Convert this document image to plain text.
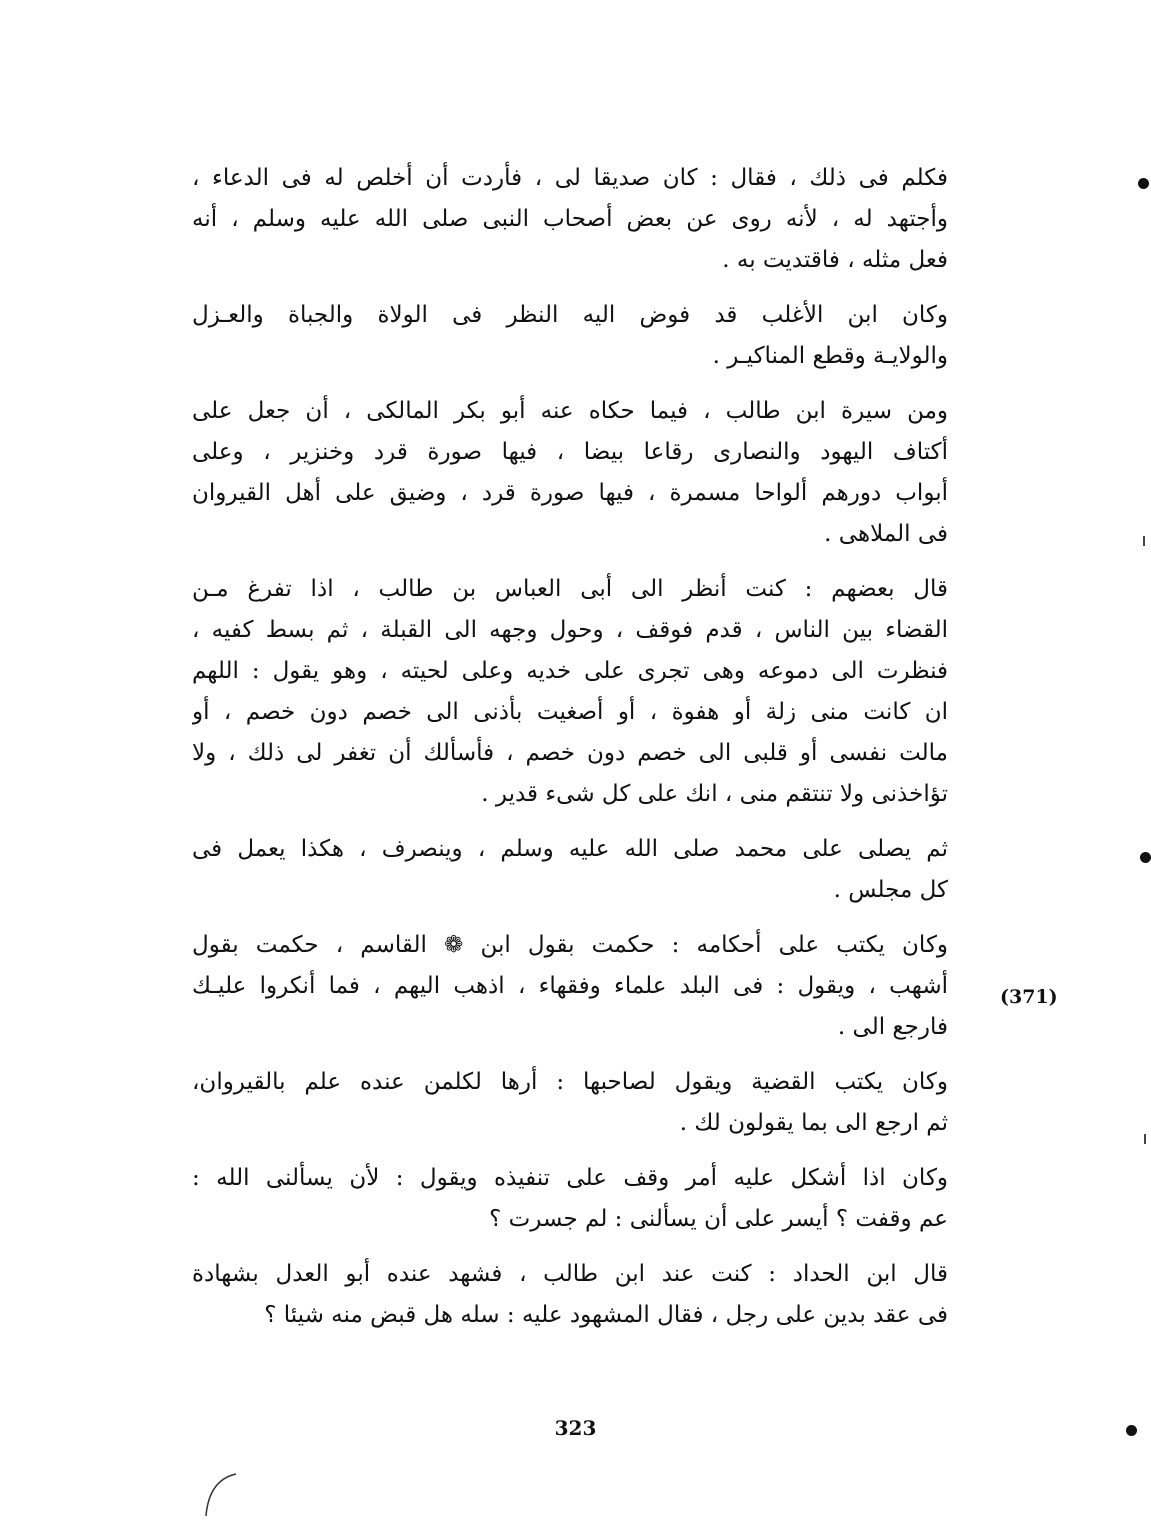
فكلم فى ذلك ، فقال : كان صديقا لى ، فأردت أن أخلص له فى الدعاء ،
وأجتهد له ، لأنه روى عن بعض أصحاب النبى صلى الله عليه وسلم ، أنه
فعل مثله ، فاقتديت به .
وكان ابن الأغلب قد فوض اليه النظر فى الولاة والجباة والعـزل
والولايـة وقطع المناكيـر .
ومن سيرة ابن طالب ، فيما حكاه عنه أبو بكر المالكى ، أن جعل على
أكتاف اليهود والنصارى رقاعا بيضا ، فيها صورة قرد وخنزير ، وعلى
أبواب دورهم ألواحا مسمرة ، فيها صورة قرد ، وضيق على أهل القيروان
فى الملاهى .
قال بعضهم : كنت أنظر الى أبى العباس بن طالب ، اذا تفرغ مـن
القضاء بين الناس ، قدم فوقف ، وحول وجهه الى القبلة ، ثم بسط كفيه ،
فنظرت الى دموعه وهى تجرى على خديه وعلى لحيته ، وهو يقول : اللهم
ان كانت منى زلة أو هفوة ، أو أصغيت بأذنى الى خصم دون خصم ، أو
مالت نفسى أو قلبى الى خصم دون خصم ، فأسألك أن تغفر لى ذلك ، ولا
تؤاخذنى ولا تنتقم منى ، انك على كل شىء قدير .
ثم يصلى على محمد صلى الله عليه وسلم ، وينصرف ، هكذا يعمل فى
كل مجلس .
وكان يكتب على أحكامه : حكمت بقول ابن ❁ القاسم ، حكمت بقول
أشهب ، ويقول : فى البلد علماء وفقهاء ، اذهب اليهم ، فما أنكروا عليـك
فارجع الى .
وكان يكتب القضية ويقول لصاحبها : أرها لكلمن عنده علم بالقيروان،
ثم ارجع الى بما يقولون لك .
وكان اذا أشكل عليه أمر وقف على تنفيذه ويقول : لأن يسألنى الله :
عم وقفت ؟ أيسر على أن يسألنى : لم جسرت ؟
قال ابن الحداد : كنت عند ابن طالب ، فشهد عنده أبو العدل بشهادة
فى عقد بدين على رجل ، فقال المشهود عليه : سله هل قبض منه شيئا ؟
(371)
323
